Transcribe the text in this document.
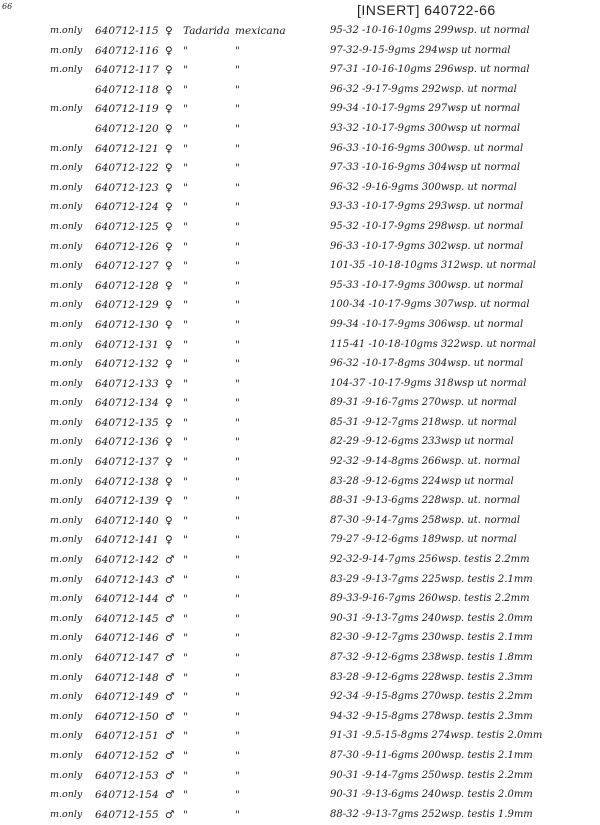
66	[INSERT] 640722-66
m.only 640712-115 ♀ Tadarida mexicana	95-32 -10-16-10gms 299wsp. ut normal
m.only 640712-116 ♀ "	"	97-32-9-15-9gms 294wsp ut normal
m.only 640712-117 ♀ "	"	97-31 -10-16-10gms 296wsp. ut normal
640712-118 ♀ "	"	96-32 -9-17-9gms 292wsp. ut normal
m.only 640712-119 ♀ "	"	99-34 -10-17-9gms 297wsp ut normal
640712-120 ♀ "	"	93-32 -10-17-9gms 300wsp ut normal
m.only 640712-121 ♀ "	"	96-33 -10-16-9gms 300wsp. ut normal
m.only 640712-122 ♀ "	"	97-33 -10-16-9gms 304wsp ut normal
m.only 640712-123 ♀ "	"	96-32 -9-16-9gms 300wsp. ut normal
m.only 640712-124 ♀ "	"	93-33 -10-17-9gms 293wsp. ut normal
m.only 640712-125 ♀ "	"	95-32 -10-17-9gms 298wsp. ut normal
m.only 640712-126 ♀ "	"	96-33 -10-17-9gms 302wsp. ut normal
m.only 640712-127 ♀ "	"	101-35 -10-18-10gms 312wsp. ut normal
m.only 640712-128 ♀ "	"	95-33 -10-17-9gms 300wsp. ut normal
m.only 640712-129 ♀ "	"	100-34 -10-17-9gms 307wsp. ut normal
m.only 640712-130 ♀ "	"	99-34 -10-17-9gms 306wsp. ut normal
m.only 640712-131 ♀ "	"	115-41 -10-18-10gms 322wsp. ut normal
m.only 640712-132 ♀ "	"	96-32 -10-17-8gms 304wsp. ut normal
m.only 640712-133 ♀ "	"	104-37 -10-17-9gms 318wsp ut normal
m.only 640712-134 ♀ "	"	89-31 -9-16-7gms 270wsp. ut normal
m.only 640712-135 ♀ "	"	85-31 -9-12-7gms 218wsp. ut normal
m.only 640712-136 ♀ "	"	82-29 -9-12-6gms 233wsp ut normal
m.only 640712-137 ♀ "	"	92-32 -9-14-8gms 266wsp. ut. normal
m.only 640712-138 ♀ "	"	83-28 -9-12-6gms 224wsp ut normal
m.only 640712-139 ♀ "	"	88-31 -9-13-6gms 228wsp. ut. normal
m.only 640712-140 ♀ "	"	87-30 -9-14-7gms 258wsp. ut. normal
m.only 640712-141 ♀ "	"	79-27 -9-12-6gms 189wsp. ut normal
m.only 640712-142 ♂ "	"	92-32-9-14-7gms 256wsp. testis 2.2mm
m.only 640712-143 ♂ "	"	83-29 -9-13-7gms 225wsp. testis 2.1mm
m.only 640712-144 ♂ "	"	89-33-9-16-7gms 260wsp. testis 2.2mm
m.only 640712-145 ♂ "	"	90-31 -9-13-7gms 240wsp. testis 2.0mm
m.only 640712-146 ♂ "	"	82-30 -9-12-7gms 230wsp. testis 2.1mm
m.only 640712-147 ♂ "	"	87-32 -9-12-6gms 238wsp. testis 1.8mm
m.only 640712-148 ♂ "	"	83-28 -9-12-6gms 228wsp. testis 2.3mm
m.only 640712-149 ♂ "	"	92-34 -9-15-8gms 270wsp. testis 2.2mm
m.only 640712-150 ♂ "	"	94-32 -9-15-8gms 278wsp. testis 2.3mm
m.only 640712-151 ♂ "	"	91-31 -9.5-15-8gms 274wsp. testis 2.0mm
m.only 640712-152 ♂ "	"	87-30 -9-11-6gms 200wsp. testis 2.1mm
m.only 640712-153 ♂ "	"	90-31 -9-14-7gms 250wsp. testis 2.2mm
m.only 640712-154 ♂ "	"	90-31 -9-13-6gms 240wsp. testis 2.0mm
m.only 640712-155 ♂ "	"	88-32 -9-13-7gms 252wsp. testis 1.9mm
